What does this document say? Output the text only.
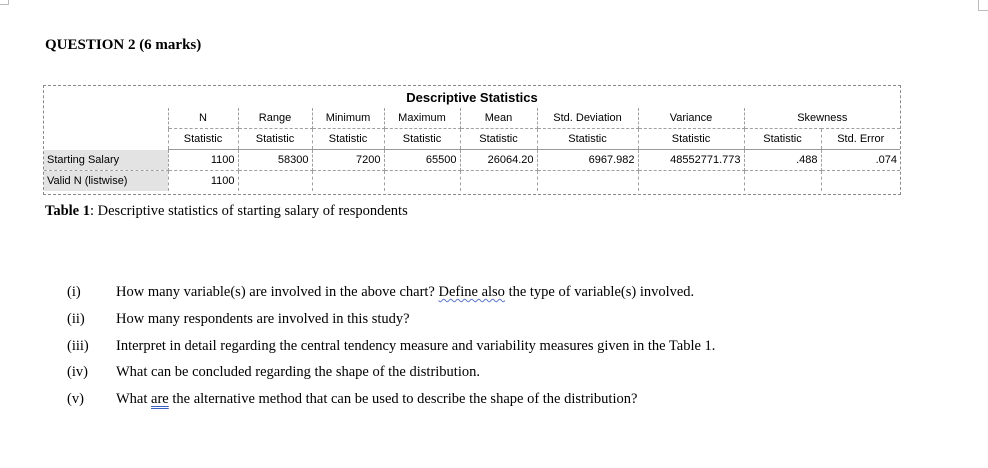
QUESTION 2 (6 marks)
Descriptive Statistics
	N	Range	Minimum	Maximum	Mean	Std. Deviation	Variance	Skewness	
	Statistic	Statistic	Statistic	Statistic	Statistic	Statistic	Statistic	Statistic	Std. Error
Starting Salary	1100	58300	7200	65500	26064.20	6967.982	48552771.773	.488	.074
Valid N (listwise)	1100								
Table 1: Descriptive statistics of starting salary of respondents
(i) How many variable(s) are involved in the above chart? Define also the type of variable(s) involved.
(ii) How many respondents are involved in this study?
(iii) Interpret in detail regarding the central tendency measure and variability measures given in the Table 1.
(iv) What can be concluded regarding the shape of the distribution.
(v) What are the alternative method that can be used to describe the shape of the distribution?
